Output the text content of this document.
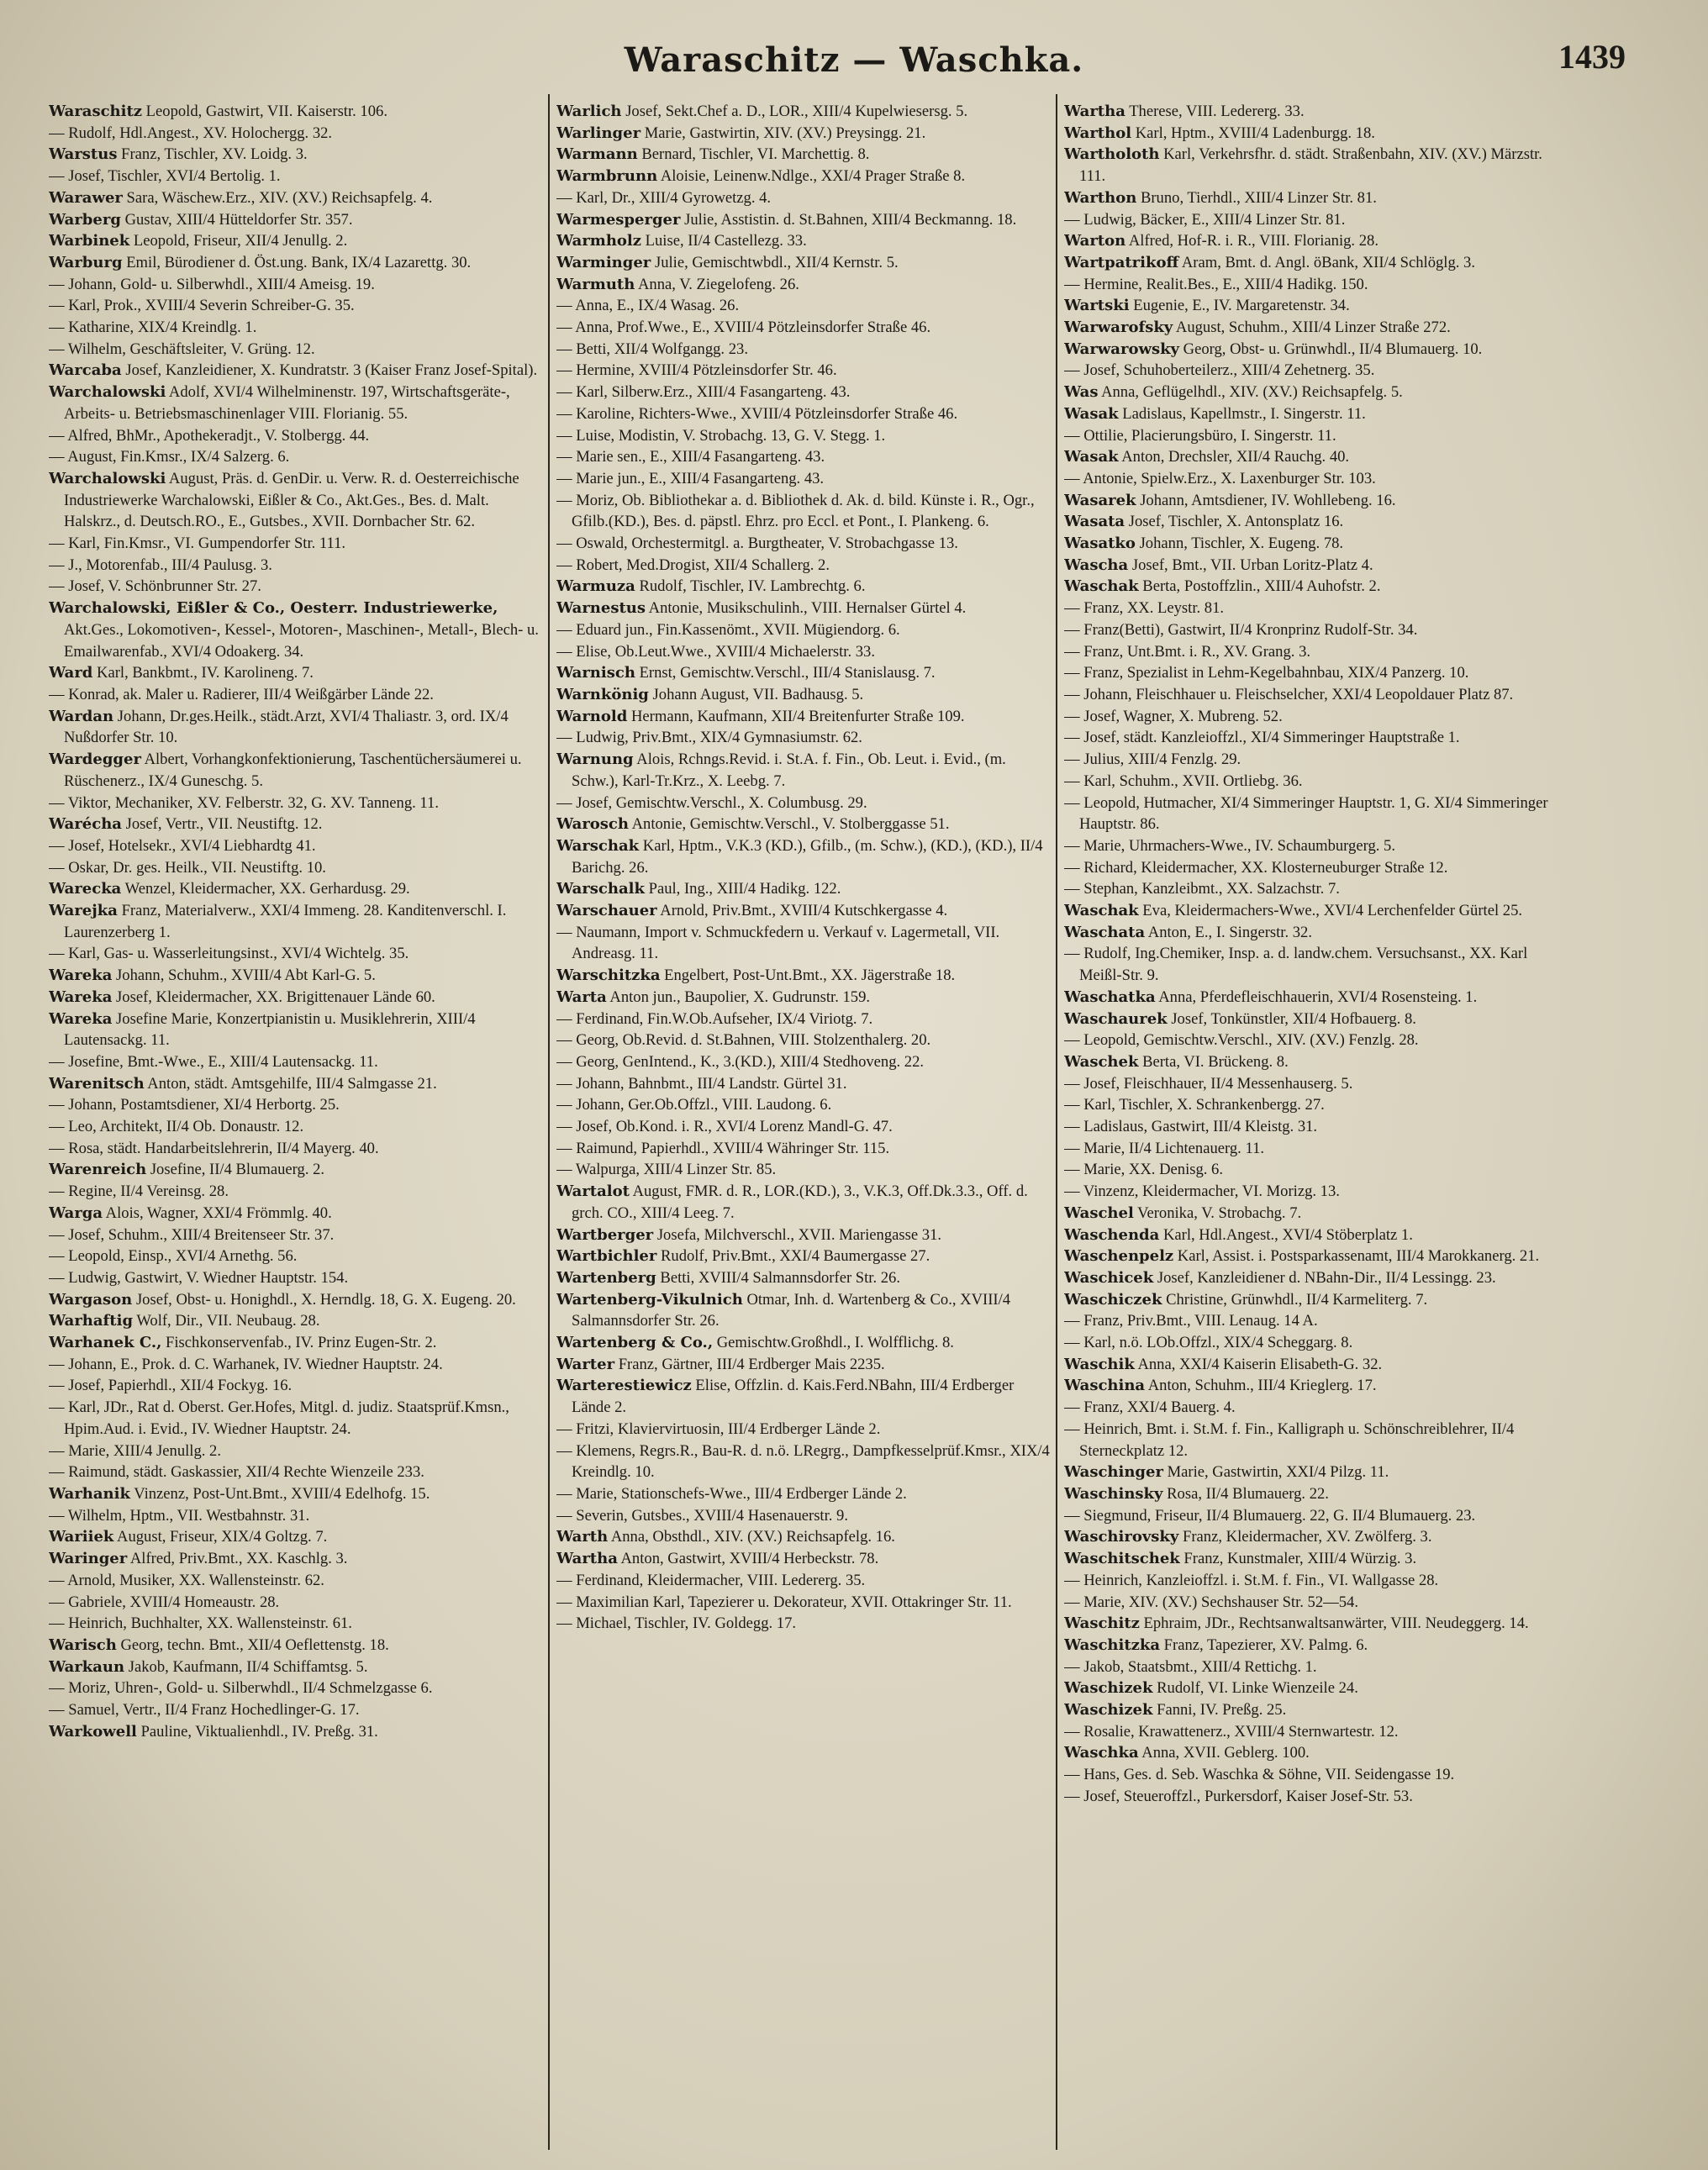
Waraschitz — Waschka.	1439
Waraschitz Leopold, Gastwirt, VII. Kaiserstr. 106.
— Rudolf, Hdl.Angest., XV. Holochergg. 32.
Warstus Franz, Tischler, XV. Loidg. 3.
— Josef, Tischler, XVI/4 Bertolig. 1.
Warawer Sara, Wäschew.Erz., XIV. (XV.) Reichsapfelg. 4.
Warberg Gustav, XIII/4 Hütteldorfer Str. 357.
Warbinek Leopold, Friseur, XII/4 Jenullg. 2.
Warburg Emil, Bürodiener d. Öst.ung. Bank, IX/4 Lazarettg. 30.
— Johann, Gold- u. Silberwhdl., XIII/4 Ameisg. 19.
— Karl, Prok., XVIII/4 Severin Schreiber-G. 35.
— Katharine, XIX/4 Kreindlg. 1.
— Wilhelm, Geschäftsleiter, V. Grüng. 12.
Warcaba Josef, Kanzleidiener, X. Kundratstr. 3 (Kaiser Franz Josef-Spital).
Warchalowski Adolf, XVI/4 Wilhelminenstr. 197, Wirtschaftsgeräte-, Arbeits- u. Betriebsmaschinenlager VIII. Florianig. 55.
— Alfred, BhMr., Apothekeradjt., V. Stolbergg. 44.
— August, Fin.Kmsr., IX/4 Salzerg. 6.
Warchalowski August, Präs. d. GenDir. u. Verw. R. d. Oesterreichische Industriewerke Warchalowski, Eißler & Co., Akt.Ges., Bes. d. Malt. Halskrz., d. Deutsch.RO., E., Gutsbes., XVII. Dornbacher Str. 62.
— Karl, Fin.Kmsr., VI. Gumpendorfer Str. 111.
— J., Motorenfab., III/4 Paulusg. 3.
— Josef, V. Schönbrunner Str. 27.
Warchalowski, Eißler & Co., Oesterr. Industriewerke, Akt.Ges., Lokomotiven-, Kessel-, Motoren-, Maschinen-, Metall-, Blech- u. Emailwarenfab., XVI/4 Odoakerg. 34.
Ward Karl, Bankbmt., IV. Karolineng. 7.
— Konrad, ak. Maler u. Radierer, III/4 Weißgärber Lände 22.
Wardan Johann, Dr.ges.Heilk., städt.Arzt, XVI/4 Thaliastr. 3, ord. IX/4 Nußdorfer Str. 10.
Wardegger Albert, Vorhangkonfektionierung, Taschentüchersäumerei u. Rüschenerz., IX/4 Guneschg. 5.
— Viktor, Mechaniker, XV. Felberstr. 32, G. XV. Tanneng. 11.
Warécha Josef, Vertr., VII. Neustiftg. 12.
— Josef, Hotelsekr., XVI/4 Liebhardtg 41.
— Oskar, Dr. ges. Heilk., VII. Neustiftg. 10.
Warecka Wenzel, Kleidermacher, XX. Gerhardusg. 29.
Warejka Franz, Materialverw., XXI/4 Immeng. 28. Kanditenverschl. I. Laurenzerberg 1.
— Karl, Gas- u. Wasserleitungsinst., XVI/4 Wichtelg. 35.
Wareka Johann, Schuhm., XVIII/4 Abt Karl-G. 5.
Wareka Josef, Kleidermacher, XX. Brigittenauer Lände 60.
Wareka Josefine Marie, Konzertpianistin u. Musiklehrerin, XIII/4 Lautensackg. 11.
— Josefine, Bmt.-Wwe., E., XIII/4 Lautensackg. 11.
Warenitsch Anton, städt. Amtsgehilfe, III/4 Salmgasse 21.
— Johann, Postamtsdiener, XI/4 Herbortg. 25.
— Leo, Architekt, II/4 Ob. Donaustr. 12.
— Rosa, städt. Handarbeitslehrerin, II/4 Mayerg. 40.
Warenreich Josefine, II/4 Blumauerg. 2.
— Regine, II/4 Vereinsg. 28.
Warga Alois, Wagner, XXI/4 Frömmlg. 40.
— Josef, Schuhm., XIII/4 Breitenseer Str. 37.
— Leopold, Einsp., XVI/4 Arnethg. 56.
— Ludwig, Gastwirt, V. Wiedner Hauptstr. 154.
Wargason Josef, Obst- u. Honighdl., X. Herndlg. 18, G. X. Eugeng. 20.
Warhaftig Wolf, Dir., VII. Neubaug. 28.
Warhanek C., Fischkonservenfab., IV. Prinz Eugen-Str. 2.
— Johann, E., Prok. d. C. Warhanek, IV. Wiedner Hauptstr. 24.
— Josef, Papierhdl., XII/4 Fockyg. 16.
— Karl, JDr., Rat d. Oberst. Ger.Hofes, Mitgl. d. judiz. Staatsprüf.Kmsn., Hpim.Aud. i. Evid., IV. Wiedner Hauptstr. 24.
— Marie, XIII/4 Jenullg. 2.
— Raimund, städt. Gaskassier, XII/4 Rechte Wienzeile 233.
Warhanik Vinzenz, Post-Unt.Bmt., XVIII/4 Edelhofg. 15.
— Wilhelm, Hptm., VII. Westbahnstr. 31.
Wariiek August, Friseur, XIX/4 Goltzg. 7.
Waringer Alfred, Priv.Bmt., XX. Kaschlg. 3.
— Arnold, Musiker, XX. Wallensteinstr. 62.
— Gabriele, XVIII/4 Homeaustr. 28.
— Heinrich, Buchhalter, XX. Wallensteinstr. 61.
Warisch Georg, techn. Bmt., XII/4 Oeflettenstg. 18.
Warkaun Jakob, Kaufmann, II/4 Schiffamtsg. 5.
— Moriz, Uhren-, Gold- u. Silberwhdl., II/4 Schmelzgasse 6.
— Samuel, Vertr., II/4 Franz Hochedlinger-G. 17.
Warkowell Pauline, Viktualienhdl., IV. Preßg. 31.
Warlich Josef, Sekt.Chef a. D., LOR., XIII/4 Kupelwiesersg. 5.
Warlinger Marie, Gastwirtin, XIV. (XV.) Preysingg. 21.
Warmann Bernard, Tischler, VI. Marchettig. 8.
Warmbrunn Aloisie, Leinenw.Ndlge., XXI/4 Prager Straße 8.
— Karl, Dr., XIII/4 Gyrowetzg. 4.
Warmesperger Julie, Asstistin. d. St.Bahnen, XIII/4 Beckmanng. 18.
Warmholz Luise, II/4 Castellezg. 33.
Warminger Julie, Gemischtwbdl., XII/4 Kernstr. 5.
Warmuth Anna, V. Ziegelofeng. 26.
— Anna, E., IX/4 Wasag. 26.
— Anna, Prof.Wwe., E., XVIII/4 Pötzleinsdorfer Straße 46.
— Betti, XII/4 Wolfgangg. 23.
— Hermine, XVIII/4 Pötzleinsdorfer Str. 46.
— Karl, Silberw.Erz., XIII/4 Fasangarteng. 43.
— Karoline, Richters-Wwe., XVIII/4 Pötzleinsdorfer Straße 46.
— Luise, Modistin, V. Strobachg. 13, G. V. Stegg. 1.
— Marie sen., E., XIII/4 Fasangarteng. 43.
— Marie jun., E., XIII/4 Fasangarteng. 43.
— Moriz, Ob. Bibliothekar a. d. Bibliothek d. Ak. d. bild. Künste i. R., Ogr., Gfilb.(KD.), Bes. d. päpstl. Ehrz. pro Eccl. et Pont., I. Plankeng. 6.
— Oswald, Orchestermitgl. a. Burgtheater, V. Strobachgasse 13.
— Robert, Med.Drogist, XII/4 Schallerg. 2.
Warmuza Rudolf, Tischler, IV. Lambrechtg. 6.
Warnestus Antonie, Musikschulinh., VIII. Hernalser Gürtel 4.
— Eduard jun., Fin.Kassenömt., XVII. Mügiendorg. 6.
— Elise, Ob.Leut.Wwe., XVIII/4 Michaelerstr. 33.
Warnisch Ernst, Gemischtw.Verschl., III/4 Stanislausg. 7.
Warnkönig Johann August, VII. Badhausg. 5.
Warnold Hermann, Kaufmann, XII/4 Breitenfurter Straße 109.
— Ludwig, Priv.Bmt., XIX/4 Gymnasiumstr. 62.
Warnung Alois, Rchngs.Revid. i. St.A. f. Fin., Ob. Leut. i. Evid., (m. Schw.), Karl-Tr.Krz., X. Leebg. 7.
— Josef, Gemischtw.Verschl., X. Columbusg. 29.
Warosch Antonie, Gemischtw.Verschl., V. Stolberggasse 51.
Warschak Karl, Hptm., V.K.3 (KD.), Gfilb., (m. Schw.), (KD.), (KD.), II/4 Barichg. 26.
Warschalk Paul, Ing., XIII/4 Hadikg. 122.
Warschauer Arnold, Priv.Bmt., XVIII/4 Kutschkergasse 4.
— Naumann, Import v. Schmuckfedern u. Verkauf v. Lagermetall, VII. Andreasg. 11.
Warschitzka Engelbert, Post-Unt.Bmt., XX. Jägerstraße 18.
Warta Anton jun., Baupolier, X. Gudrunstr. 159.
— Ferdinand, Fin.W.Ob.Aufseher, IX/4 Viriotg. 7.
— Georg, Ob.Revid. d. St.Bahnen, VIII. Stolzenthalerg. 20.
— Georg, GenIntend., K., 3.(KD.), XIII/4 Stedhoveng. 22.
— Johann, Bahnbmt., III/4 Landstr. Gürtel 31.
— Johann, Ger.Ob.Offzl., VIII. Laudong. 6.
— Josef, Ob.Kond. i. R., XVI/4 Lorenz Mandl-G. 47.
— Raimund, Papierhdl., XVIII/4 Währinger Str. 115.
— Walpurga, XIII/4 Linzer Str. 85.
Wartalot August, FMR. d. R., LOR.(KD.), 3., V.K.3, Off.Dk.3.3., Off. d. grch. CO., XIII/4 Leeg. 7.
Wartberger Josefa, Milchverschl., XVII. Mariengasse 31.
Wartbichler Rudolf, Priv.Bmt., XXI/4 Baumergasse 27.
Wartenberg Betti, XVIII/4 Salmannsdorfer Str. 26.
Wartenberg-Vikulnich Otmar, Inh. d. Wartenberg & Co., XVIII/4 Salmannsdorfer Str. 26.
Wartenberg & Co., Gemischtw.Großhdl., I. Wolfflichg. 8.
Warter Franz, Gärtner, III/4 Erdberger Mais 2235.
Warterestiewicz Elise, Offzlin. d. Kais.Ferd.NBahn, III/4 Erdberger Lände 2.
— Fritzi, Klaviervirtuosin, III/4 Erdberger Lände 2.
— Klemens, Regrs.R., Bau-R. d. n.ö. LRegrg., Dampfkesselprüf.Kmsr., XIX/4 Kreindlg. 10.
— Marie, Stationschefs-Wwe., III/4 Erdberger Lände 2.
— Severin, Gutsbes., XVIII/4 Hasenauerstr. 9.
Warth Anna, Obsthdl., XIV. (XV.) Reichsapfelg. 16.
Wartha Anton, Gastwirt, XVIII/4 Herbeckstr. 78.
— Ferdinand, Kleidermacher, VIII. Ledererg. 35.
— Maximilian Karl, Tapezierer u. Dekorateur, XVII. Ottakringer Str. 11.
— Michael, Tischler, IV. Goldegg. 17.
Wartha Therese, VIII. Ledererg. 33.
Warthol Karl, Hptm., XVIII/4 Ladenburgg. 18.
Wartholoth Karl, Verkehrsfhr. d. städt. Straßenbahn, XIV. (XV.) Märzstr. 111.
Warthon Bruno, Tierhdl., XIII/4 Linzer Str. 81.
— Ludwig, Bäcker, E., XIII/4 Linzer Str. 81.
Warton Alfred, Hof-R. i. R., VIII. Florianig. 28.
Wartpatrikoff Aram, Bmt. d. Angl. öBank, XII/4 Schlöglg. 3.
— Hermine, Realit.Bes., E., XIII/4 Hadikg. 150.
Wartski Eugenie, E., IV. Margaretenstr. 34.
Warwarofsky August, Schuhm., XIII/4 Linzer Straße 272.
Warwarowsky Georg, Obst- u. Grünwhdl., II/4 Blumauerg. 10.
— Josef, Schuhoberteilerz., XIII/4 Zehetnerg. 35.
Was Anna, Geflügelhdl., XIV. (XV.) Reichsapfelg. 5.
Wasak Ladislaus, Kapellmstr., I. Singerstr. 11.
— Ottilie, Placierungsbüro, I. Singerstr. 11.
Wasak Anton, Drechsler, XII/4 Rauchg. 40.
— Antonie, Spielw.Erz., X. Laxenburger Str. 103.
Wasarek Johann, Amtsdiener, IV. Wohllebeng. 16.
Wasata Josef, Tischler, X. Antonsplatz 16.
Wasatko Johann, Tischler, X. Eugeng. 78.
Wascha Josef, Bmt., VII. Urban Loritz-Platz 4.
Waschak Berta, Postoffzlin., XIII/4 Auhofstr. 2.
— Franz, XX. Leystr. 81.
— Franz(Betti), Gastwirt, II/4 Kronprinz Rudolf-Str. 34.
— Franz, Unt.Bmt. i. R., XV. Grang. 3.
— Franz, Spezialist in Lehm-Kegelbahnbau, XIX/4 Panzerg. 10.
— Johann, Fleischhauer u. Fleischselcher, XXI/4 Leopoldauer Platz 87.
— Josef, Wagner, X. Mubreng. 52.
— Josef, städt. Kanzleioffzl., XI/4 Simmeringer Hauptstraße 1.
— Julius, XIII/4 Fenzlg. 29.
— Karl, Schuhm., XVII. Ortliebg. 36.
— Leopold, Hutmacher, XI/4 Simmeringer Hauptstr. 1, G. XI/4 Simmeringer Hauptstr. 86.
— Marie, Uhrmachers-Wwe., IV. Schaumburgerg. 5.
— Richard, Kleidermacher, XX. Klosterneuburger Straße 12.
— Stephan, Kanzleibmt., XX. Salzachstr. 7.
Waschak Eva, Kleidermachers-Wwe., XVI/4 Lerchenfelder Gürtel 25.
Waschata Anton, E., I. Singerstr. 32.
— Rudolf, Ing.Chemiker, Insp. a. d. landw.chem. Versuchsanst., XX. Karl Meißl-Str. 9.
Waschatka Anna, Pferdefleischhauerin, XVI/4 Rosensteing. 1.
Waschaurek Josef, Tonkünstler, XII/4 Hofbauerg. 8.
— Leopold, Gemischtw.Verschl., XIV. (XV.) Fenzlg. 28.
Waschek Berta, VI. Brückeng. 8.
— Josef, Fleischhauer, II/4 Messenhauserg. 5.
— Karl, Tischler, X. Schrankenbergg. 27.
— Ladislaus, Gastwirt, III/4 Kleistg. 31.
— Marie, II/4 Lichtenauerg. 11.
— Marie, XX. Denisg. 6.
— Vinzenz, Kleidermacher, VI. Morizg. 13.
Waschel Veronika, V. Strobachg. 7.
Waschenda Karl, Hdl.Angest., XVI/4 Stöberplatz 1.
Waschenpelz Karl, Assist. i. Postsparkassenamt, III/4 Marokkanerg. 21.
Waschicek Josef, Kanzleidiener d. NBahn-Dir., II/4 Lessingg. 23.
Waschiczek Christine, Grünwhdl., II/4 Karmeliterg. 7.
— Franz, Priv.Bmt., VIII. Lenaug. 14 A.
— Karl, n.ö. LOb.Offzl., XIX/4 Scheggarg. 8.
Waschik Anna, XXI/4 Kaiserin Elisabeth-G. 32.
Waschina Anton, Schuhm., III/4 Krieglerg. 17.
— Franz, XXI/4 Bauerg. 4.
— Heinrich, Bmt. i. St.M. f. Fin., Kalligraph u. Schönschreiblehrer, II/4 Sterneckplatz 12.
Waschinger Marie, Gastwirtin, XXI/4 Pilzg. 11.
Waschinsky Rosa, II/4 Blumauerg. 22.
— Siegmund, Friseur, II/4 Blumauerg. 22, G. II/4 Blumauerg. 23.
Waschirovsky Franz, Kleidermacher, XV. Zwölferg. 3.
Waschitschek Franz, Kunstmaler, XIII/4 Würzig. 3.
— Heinrich, Kanzleioffzl. i. St.M. f. Fin., VI. Wallgasse 28.
— Marie, XIV. (XV.) Sechshauser Str. 52—54.
Waschitz Ephraim, JDr., Rechtsanwaltsanwärter, VIII. Neudeggerg. 14.
Waschitzka Franz, Tapezierer, XV. Palmg. 6.
— Jakob, Staatsbmt., XIII/4 Rettichg. 1.
Waschizek Rudolf, VI. Linke Wienzeile 24.
Waschizek Fanni, IV. Preßg. 25.
— Rosalie, Krawattenerz., XVIII/4 Sternwartestr. 12.
Waschka Anna, XVII. Geblerg. 100.
— Hans, Ges. d. Seb. Waschka & Söhne, VII. Seidengasse 19.
— Josef, Steueroffzl., Purkersdorf, Kaiser Josef-Str. 53.
